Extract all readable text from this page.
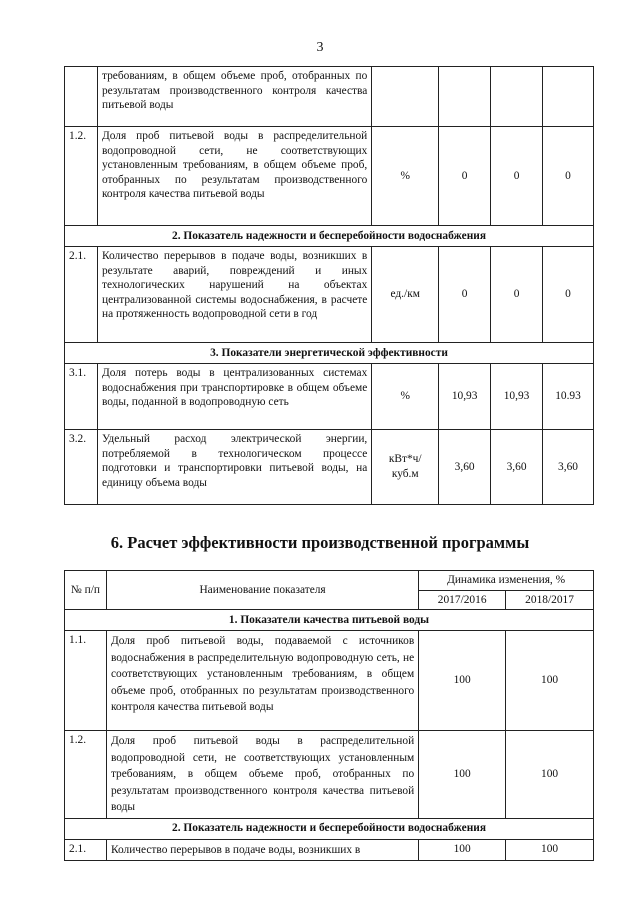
3
	требованиям, в общем объеме проб, отобранных по результатам производственного контроля качества питьевой воды				
1.2.	Доля проб питьевой воды в распределительной водопроводной сети, не соответствующих установленным требованиям, в общем объеме проб, отобранных по результатам производственного контроля качества питьевой воды	%	0	0	0
2. Показатель надежности и бесперебойности водоснабжения					
2.1.	Количество перерывов в подаче воды, возникших в результате аварий, повреждений и иных технологических нарушений на объектах централизованной системы водоснабжения, в расчете на протяженность водопроводной сети в год	ед./км	0	0	0
3. Показатели энергетической эффективности					
3.1.	Доля потерь воды в централизованных системах водоснабжения при транспортировке в общем объеме воды, поданной в водопроводную сеть	%	10,93	10,93	10.93
3.2.	Удельный расход электрической энергии, потребляемой в технологическом процессе подготовки и транспортировки питьевой воды, на единицу объема воды	кВт*ч/ куб.м	3,60	3,60	3,60
6. Расчет эффективности производственной программы
№ п/п	Наименование показателя	Динамика изменения, %	
		2017/2016	2018/2017
1. Показатели качества питьевой воды			
1.1.	Доля проб питьевой воды, подаваемой с источников водоснабжения в распределительную водопроводную сеть, не соответствующих установленным требованиям, в общем объеме проб, отобранных по результатам производственного контроля качества питьевой воды	100	100
1.2.	Доля проб питьевой воды в распределительной водопроводной сети, не соответствующих установленным требованиям, в общем объеме проб, отобранных по результатам производственного контроля качества питьевой воды	100	100
2. Показатель надежности и бесперебойности водоснабжения			
2.1.	Количество перерывов в подаче воды, возникших в	100	100
